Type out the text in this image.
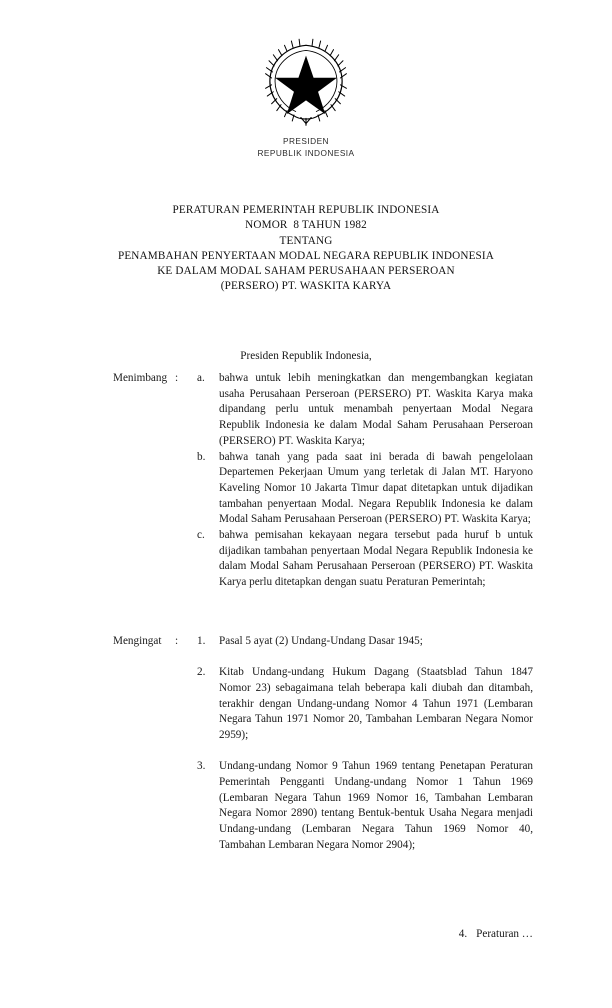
PRESIDEN
REPUBLIK INDONESIA
PERATURAN PEMERINTAH REPUBLIK INDONESIA
NOMOR  8 TAHUN 1982
TENTANG
PENAMBAHAN PENYERTAAN MODAL NEGARA REPUBLIK INDONESIA
KE DALAM MODAL SAHAM PERUSAHAAN PERSEROAN
(PERSERO) PT. WASKITA KARYA
Presiden Republik Indonesia,
Menimbang :	a.	bahwa untuk lebih meningkatkan dan mengembangkan kegiatan usaha Perusahaan Perseroan (PERSERO) PT. Waskita Karya maka dipandang perlu untuk menambah penyertaan Modal Negara Republik Indonesia ke dalam Modal Saham Perusahaan Perseroan (PERSERO) PT. Waskita Karya;
b.	bahwa tanah yang pada saat ini berada di bawah pengelolaan Departemen Pekerjaan Umum yang terletak di Jalan MT. Haryono Kaveling Nomor 10 Jakarta Timur dapat ditetapkan untuk dijadikan tambahan penyertaan Modal. Negara Republik Indonesia ke dalam Modal Saham Perusahaan Perseroan (PERSERO) PT. Waskita Karya;
c.	bahwa pemisahan kekayaan negara tersebut pada huruf b untuk dijadikan tambahan penyertaan Modal Negara Republik Indonesia ke dalam Modal Saham Perusahaan Perseroan (PERSERO) PT. Waskita Karya perlu ditetapkan dengan suatu Peraturan Pemerintah;
Mengingat	:	1.	Pasal 5 ayat (2) Undang-Undang Dasar 1945;
2.	Kitab Undang-undang Hukum Dagang (Staatsblad Tahun 1847 Nomor 23) sebagaimana telah beberapa kali diubah dan ditambah, terakhir dengan Undang-undang Nomor 4 Tahun 1971 (Lembaran Negara Tahun 1971 Nomor 20, Tambahan Lembaran Negara Nomor 2959);
3.	Undang-undang Nomor 9 Tahun 1969 tentang Penetapan Peraturan Pemerintah Pengganti Undang-undang Nomor 1 Tahun 1969 (Lembaran Negara Tahun 1969 Nomor 16, Tambahan Lembaran Negara Nomor 2890) tentang Bentuk-bentuk Usaha Negara menjadi Undang-undang (Lembaran Negara Tahun 1969 Nomor 40, Tambahan Lembaran Negara Nomor 2904);
4. Peraturan …
